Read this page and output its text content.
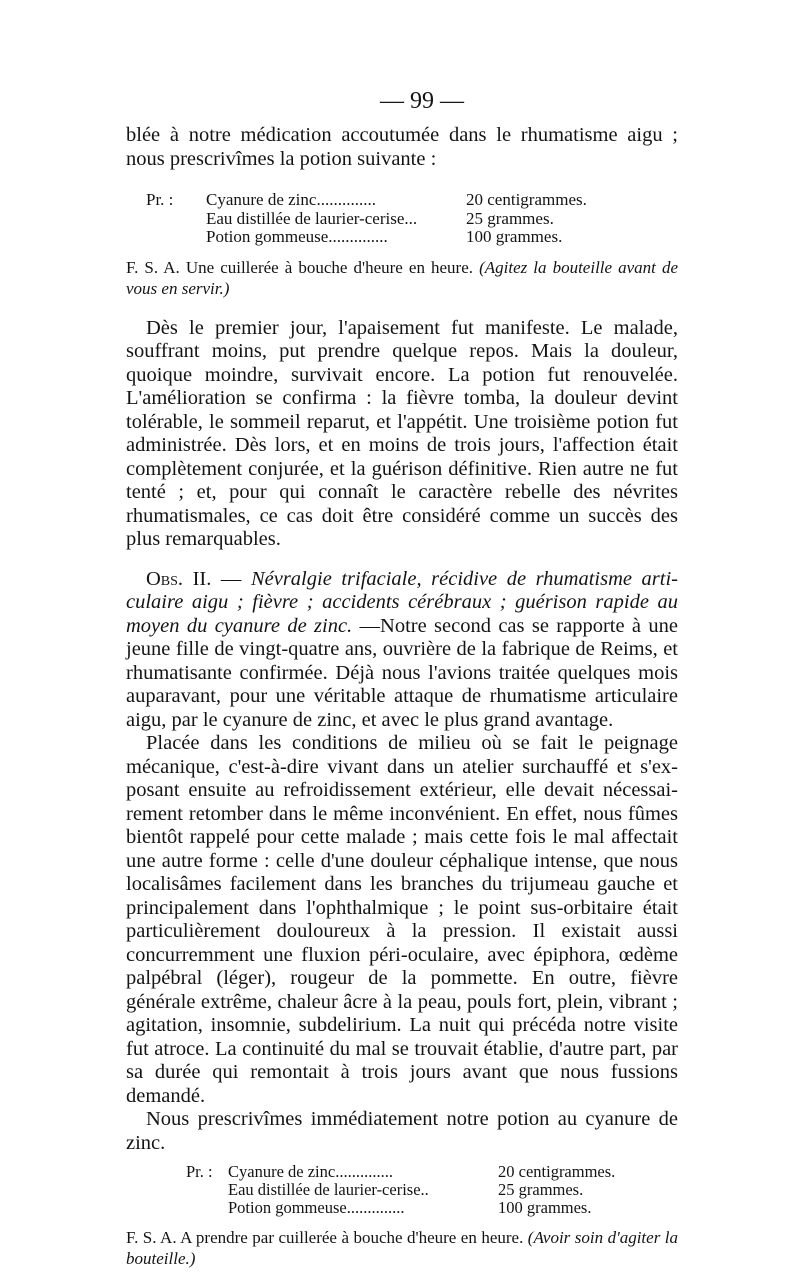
— 99 —

blée à notre médication accoutumée dans le rhumatisme aigu ; nous prescrivîmes la potion suivante :

Pr. :	Cyanure de zinc..............	20 centigrammes.
Eau distillée de laurier-cerise...	25 grammes.
Potion gommeuse..............	100 grammes.

F. S. A. Une cuillerée à bouche d'heure en heure. (Agitez la bouteille avant de vous en servir.)

Dès le premier jour, l'apaisement fut manifeste. Le malade, souffrant moins, put prendre quelque repos. Mais la douleur, quoique moindre, survivait encore. La potion fut renouvelée. L'amélioration se confirma : la fièvre tomba, la douleur devint tolérable, le sommeil reparut, et l'appétit. Une troisième potion fut administrée. Dès lors, et en moins de trois jours, l'affection était complètement conjurée, et la guérison définitive. Rien autre ne fut tenté ; et, pour qui connaît le caractère rebelle des névrites rhumatismales, ce cas doit être considéré comme un succès des plus remarquables.

Obs. II. — Névralgie trifaciale, récidive de rhumatisme articulaire aigu ; fièvre ; accidents cérébraux ; guérison rapide au moyen du cyanure de zinc. —Notre second cas se rapporte à une jeune fille de vingt-quatre ans, ouvrière de la fabrique de Reims, et rhumatisante confirmée. Déjà nous l'avions traitée quelques mois auparavant, pour une véritable attaque de rhumatisme articulaire aigu, par le cyanure de zinc, et avec le plus grand avantage.

Placée dans les conditions de milieu où se fait le peignage mécanique, c'est-à-dire vivant dans un atelier surchauffé et s'exposant ensuite au refroidissement extérieur, elle devait nécessairement retomber dans le même inconvénient. En effet, nous fûmes bientôt rappelé pour cette malade ; mais cette fois le mal affectait une autre forme : celle d'une douleur céphalique intense, que nous localisâmes facilement dans les branches du trijumeau gauche et principalement dans l'ophthalmique ; le point sus-orbitaire était particulièrement douloureux à la pression. Il existait aussi concurremment une fluxion péri-oculaire, avec épiphora, œdème palpébral (léger), rougeur de la pommette. En outre, fièvre générale extrême, chaleur âcre à la peau, pouls fort, plein, vibrant ; agitation, insomnie, subdelirium. La nuit qui précéda notre visite fut atroce. La continuité du mal se trouvait établie, d'autre part, par sa durée qui remontait à trois jours avant que nous fussions demandé.

Nous prescrivîmes immédiatement notre potion au cyanure de zinc.

Pr. : Cyanure de zinc..............	20 centigrammes.
Eau distillée de laurier-cerise..	25 grammes.
Potion gommeuse..............	100 grammes.

F. S. A. A prendre par cuillerée à bouche d'heure en heure. (Avoir soin d'agiter la bouteille.)
